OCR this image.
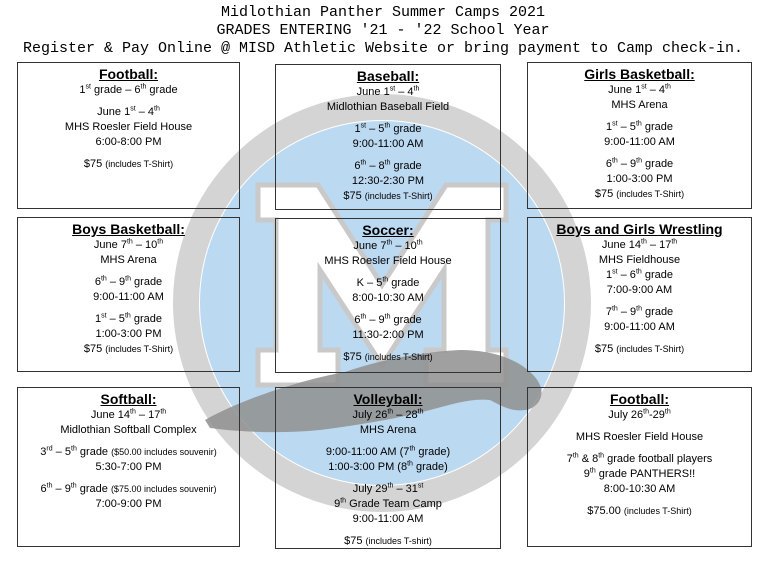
Midlothian Panther Summer Camps 2021
GRADES ENTERING '21 - '22 School Year
Register & Pay Online @ MISD Athletic Website or bring payment to Camp check-in.
Football:
1st grade – 6th grade
June 1st – 4th
MHS Roesler Field House
6:00-8:00 PM
$75 (includes T-Shirt)
Baseball:
June 1st – 4th
Midlothian Baseball Field
1st – 5th grade
9:00-11:00 AM
6th – 8th grade
12:30-2:30 PM
$75 (includes T-Shirt)
Girls Basketball:
June 1st – 4th
MHS Arena
1st – 5th grade
9:00-11:00 AM
6th – 9th grade
1:00-3:00 PM
$75 (includes T-Shirt)
Boys Basketball:
June 7th – 10th
MHS Arena
6th – 9th grade
9:00-11:00 AM
1st – 5th grade
1:00-3:00 PM
$75 (includes T-Shirt)
Soccer:
June 7th – 10th
MHS Roesler Field House
K – 5th grade
8:00-10:30 AM
6th – 9th grade
11:30-2:00 PM
$75 (includes T-Shirt)
Boys and Girls Wrestling
June 14th – 17th
MHS Fieldhouse
1st – 6th grade
7:00-9:00 AM
7th – 9th grade
9:00-11:00 AM
$75 (includes T-Shirt)
Softball:
June 14th – 17th
Midlothian Softball Complex
3rd – 5th grade ($50.00 includes souvenir)
5:30-7:00 PM
6th – 9th grade ($75.00 includes souvenir)
7:00-9:00 PM
Volleyball:
July 26th – 28th
MHS Arena
9:00-11:00 AM (7th grade)
1:00-3:00 PM (8th grade)
July 29th – 31st
9th Grade Team Camp
9:00-11:00 AM
$75 (includes T-shirt)
Football:
July 26th-29th
MHS Roesler Field House
7th & 8th grade football players
9th grade PANTHERS!!
8:00-10:30 AM
$75.00 (includes T-Shirt)
